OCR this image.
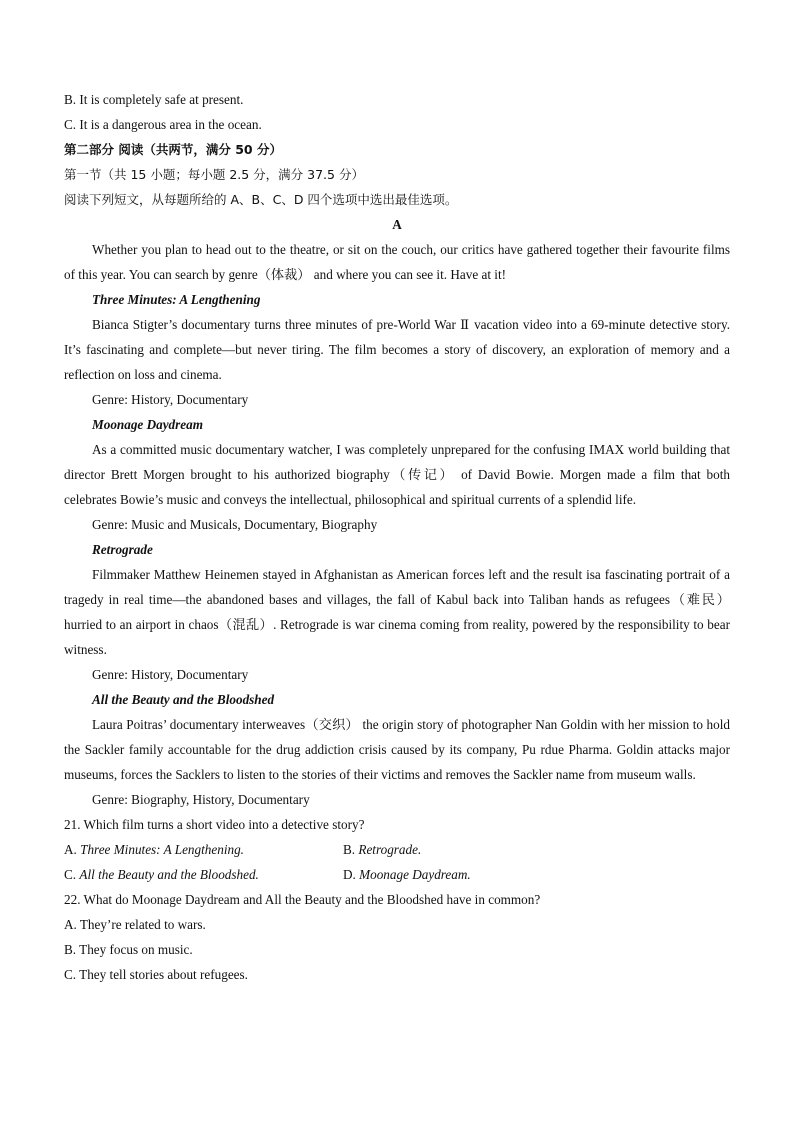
B. It is completely safe at present.
C. It is a dangerous area in the ocean.
第二部分 阅读（共两节，满分 50 分）
第一节（共 15 小题；每小题 2.5 分，满分 37.5 分）
阅读下列短文，从每题所给的 A、B、C、D 四个选项中选出最佳选项。
A
Whether you plan to head out to the theatre, or sit on the couch, our critics have gathered together their favourite films of this year. You can search by genre（体裁） and where you can see it. Have at it!
Three Minutes: A Lengthening
Bianca Stigter’s documentary turns three minutes of pre-World War Ⅱ vacation video into a 69-minute detective story. It’s fascinating and complete—but never tiring. The film becomes a story of discovery, an exploration of memory and a reflection on loss and cinema.
Genre: History, Documentary
Moonage Daydream
As a committed music documentary watcher, I was completely unprepared for the confusing IMAX world building that director Brett Morgen brought to his authorized biography（传记） of David Bowie. Morgen made a film that both celebrates Bowie’s music and conveys the intellectual, philosophical and spiritual currents of a splendid life.
Genre: Music and Musicals, Documentary, Biography
Retrograde
Filmmaker Matthew Heinemen stayed in Afghanistan as American forces left and the result isa fascinating portrait of a tragedy in real time—the abandoned bases and villages, the fall of Kabul back into Taliban hands as refugees（难民） hurried to an airport in chaos（混乱）. Retrograde is war cinema coming from reality, powered by the responsibility to bear witness.
Genre: History, Documentary
All the Beauty and the Bloodshed
Laura Poitras’ documentary interweaves（交织） the origin story of photographer Nan Goldin with her mission to hold the Sackler family accountable for the drug addiction crisis caused by its company, Pu rdue Pharma. Goldin attacks major museums, forces the Sacklers to listen to the stories of their victims and removes the Sackler name from museum walls.
Genre: Biography, History, Documentary
21. Which film turns a short video into a detective story?
A. Three Minutes: A Lengthening.	B. Retrograde.
C. All the Beauty and the Bloodshed.	D. Moonage Daydream.
22. What do Moonage Daydream and All the Beauty and the Bloodshed have in common?
A. They’re related to wars.
B. They focus on music.
C. They tell stories about refugees.
